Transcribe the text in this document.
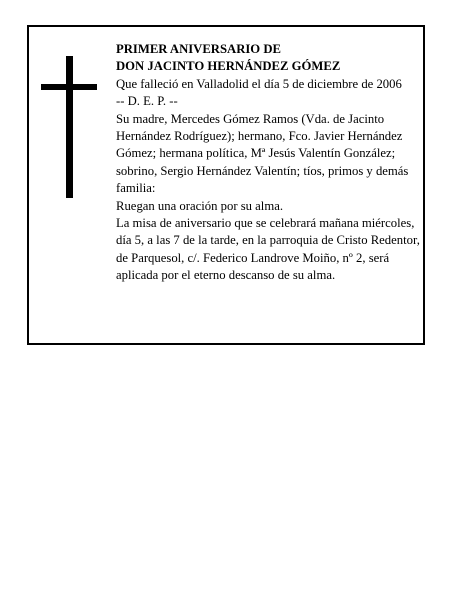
PRIMER ANIVERSARIO DE

DON JACINTO HERNÁNDEZ GÓMEZ

Que falleció en Valladolid el día 5 de diciembre de 2006

-- D. E. P. --

Su madre, Mercedes Gómez Ramos (Vda. de Jacinto Hernández Rodríguez); hermano, Fco. Javier Hernández Gómez; hermana política, Mª Jesús Valentín González; sobrino, Sergio Hernández Valentín; tíos, primos y demás familia:

Ruegan una oración por su alma.

La misa de aniversario que se celebrará mañana miércoles, día 5, a las 7 de la tarde, en la parroquia de Cristo Redentor, de Parquesol, c/. Federico Landrove Moiño, nº 2, será aplicada por el eterno descanso de su alma.
